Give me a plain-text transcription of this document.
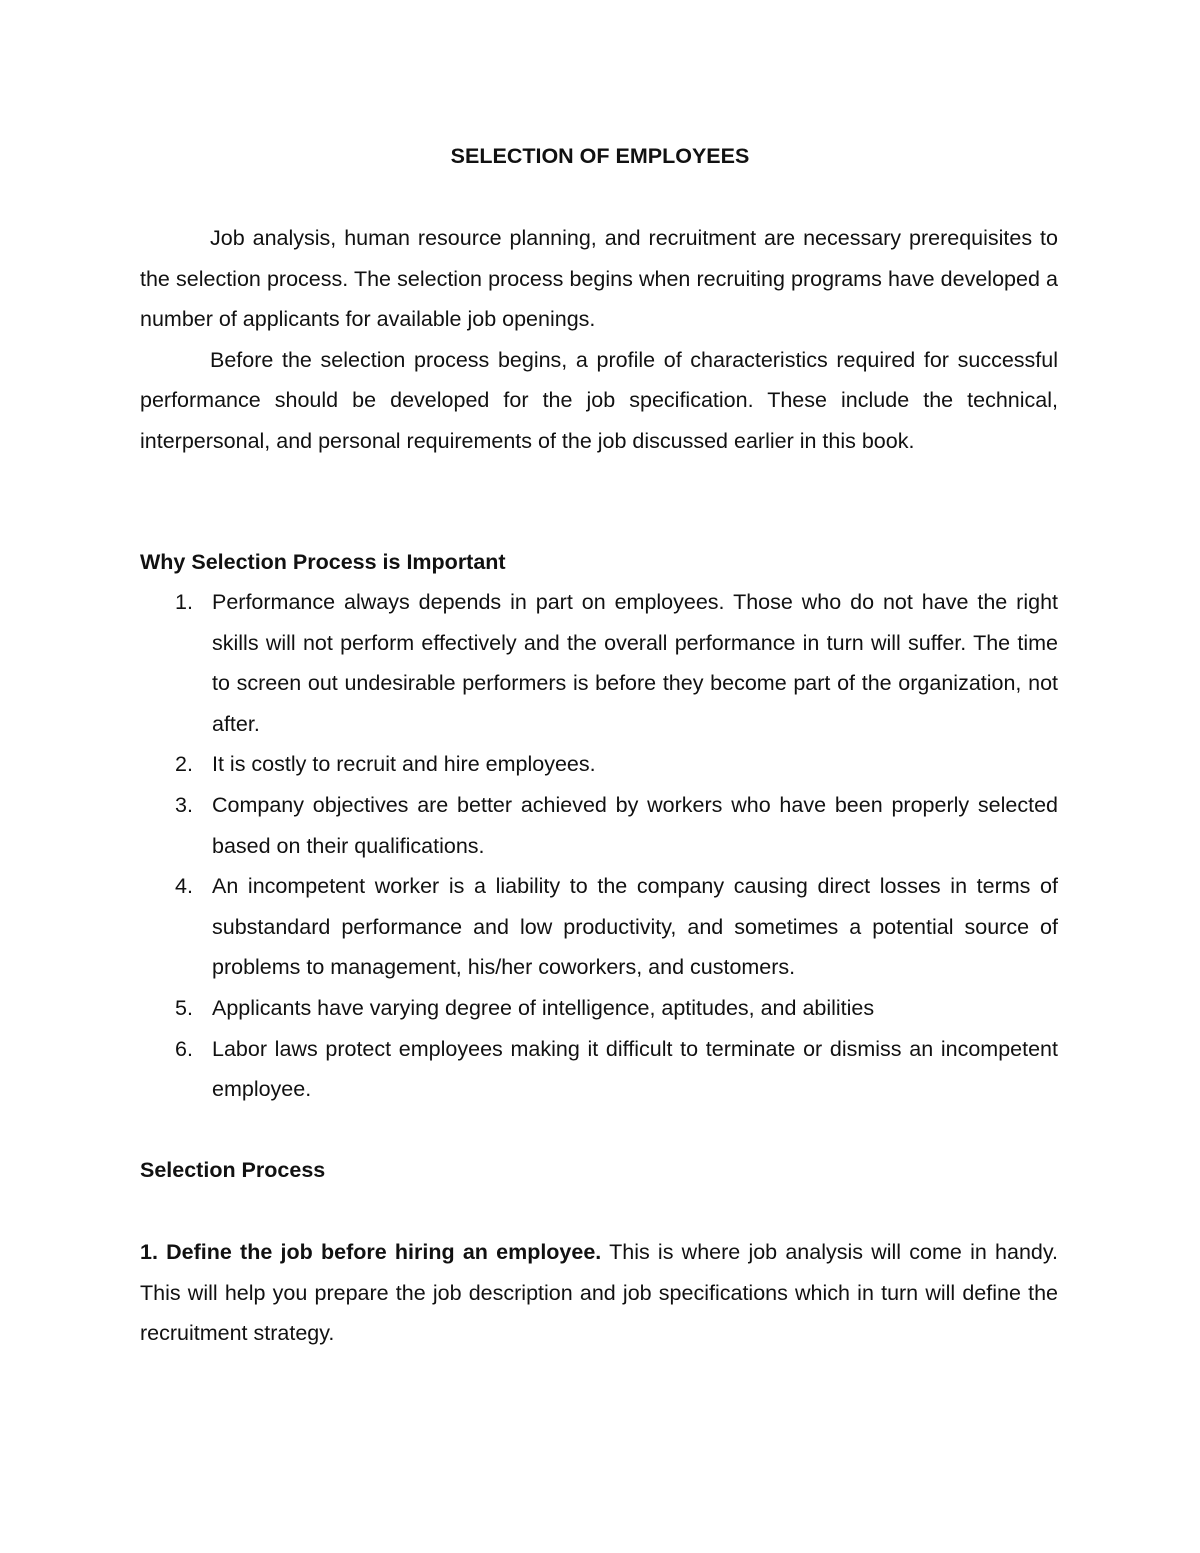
SELECTION OF EMPLOYEES

Job analysis, human resource planning, and recruitment are necessary prerequisites to the selection process. The selection process begins when recruiting programs have developed a number of applicants for available job openings.

Before the selection process begins, a profile of characteristics required for successful performance should be developed for the job specification. These include the technical, interpersonal, and personal requirements of the job discussed earlier in this book.

Why Selection Process is Important
1. Performance always depends in part on employees. Those who do not have the right skills will not perform effectively and the overall performance in turn will suffer. The time to screen out undesirable performers is before they become part of the organization, not after.
2. It is costly to recruit and hire employees.
3. Company objectives are better achieved by workers who have been properly selected based on their qualifications.
4. An incompetent worker is a liability to the company causing direct losses in terms of substandard performance and low productivity, and sometimes a potential source of problems to management, his/her coworkers, and customers.
5. Applicants have varying degree of intelligence, aptitudes, and abilities
6. Labor laws protect employees making it difficult to terminate or dismiss an incompetent employee.
Selection Process

1. Define the job before hiring an employee. This is where job analysis will come in handy. This will help you prepare the job description and job specifications which in turn will define the recruitment strategy.
